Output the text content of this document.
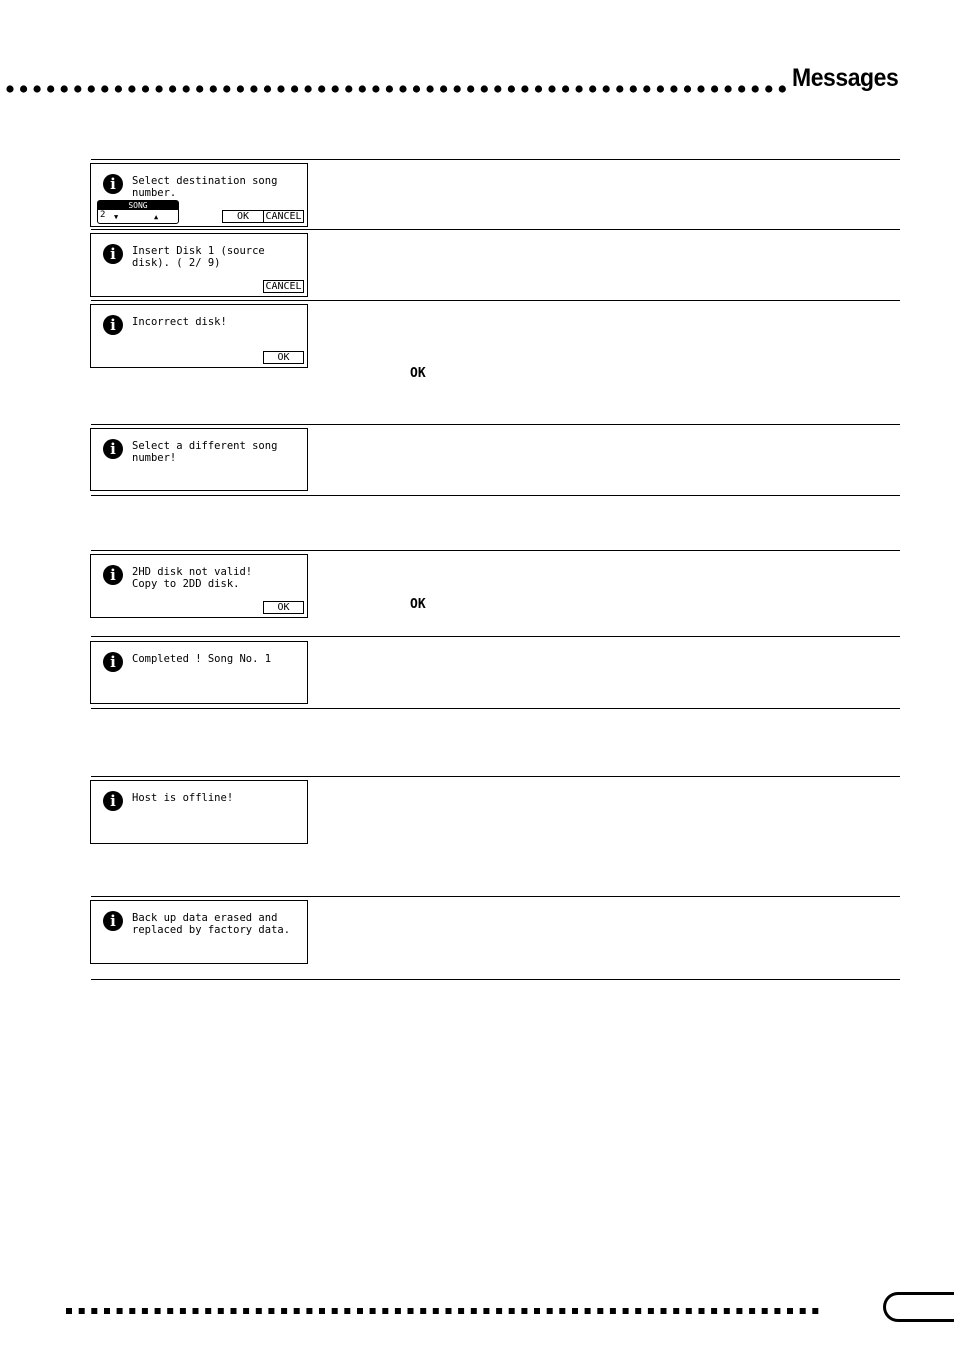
Messages
i	Select destination song
number.
SONG
2 ▼	▲	OK	CANCEL
i	Insert Disk 1 (source
disk). ( 2/ 9)
CANCEL
i	Incorrect disk!
OK
OK
i	Select a different song
number!
i	2HD disk not valid!
Copy to 2DD disk.
OK	OK
i	Completed ! Song No. 1
i	Host is offline!
i	Back up data erased and
replaced by factory data.
